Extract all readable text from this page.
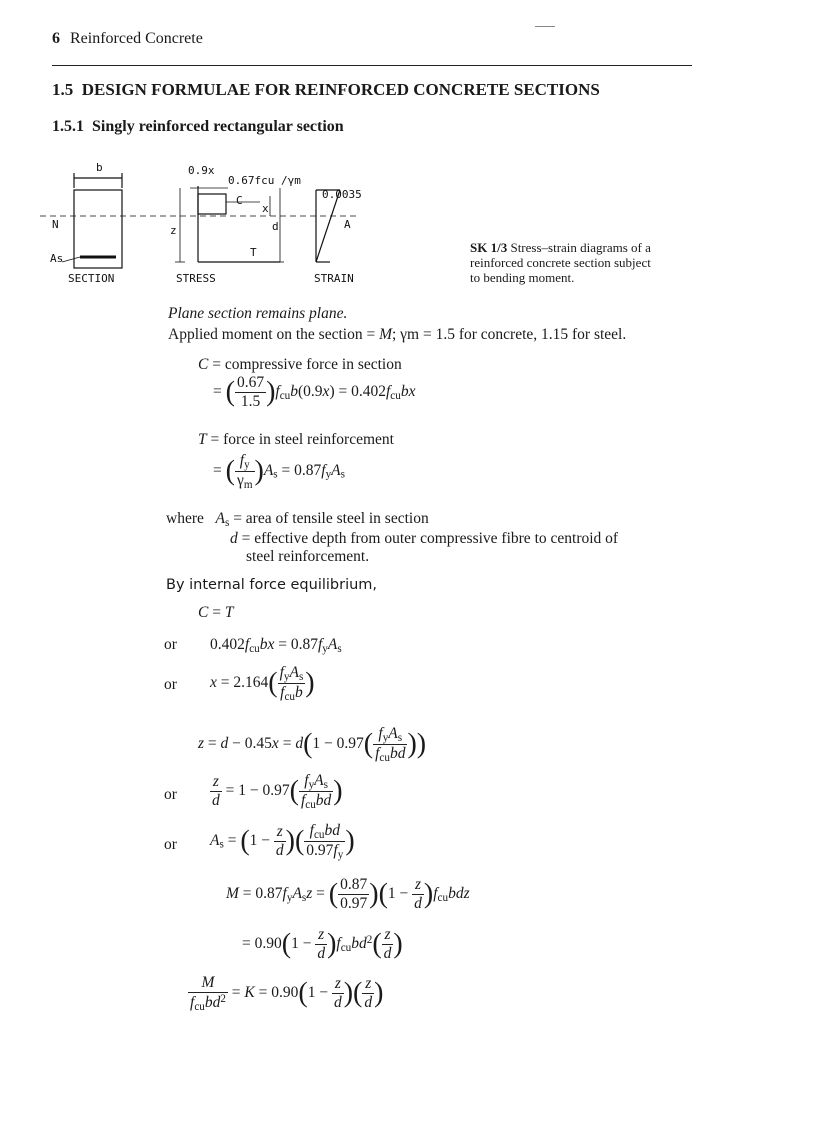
6 Reinforced Concrete
1.5 DESIGN FORMULAE FOR REINFORCED CONCRETE SECTIONS
1.5.1 Singly reinforced rectangular section
b
N
As
SECTION
0.9x
0.67fcu /γm
0.0035
C
x
d
z
T
A
STRESS	STRAIN
SK 1/3 Stress–strain diagrams of a
reinforced concrete section subject
to bending moment.
Plane section remains plane.
Applied moment on the section = M; γm = 1.5 for concrete, 1.15 for steel.
C = compressive force in section
= ( $\frac{0.67}{1.5} )f_{cu}b(0.9x) = 0.402f_{cu}bx$
T = force in steel reinforcement
= ( $\frac{f_y}{\gamma_m} )A_s = 0.87f_yA_s$
where $A_s$ = area of tensile steel in section
d = effective depth from outer compressive fibre to centroid of
steel reinforcement.
By internal force equilibrium,
C = T
or $0.402f_{cu}bx = 0.87f_yA_s$
or $x = 2.164( \frac{f_yA_s}{f_{cu}b}$ )
$z = d - 0.45x = d(1 - 0.97( \frac{f_yA_s}{f_{cu}bd}$ ))
or $\frac{z}{d} = 1 - 0.97( \frac{f_yA_s}{f_{cu}bd}$ )
or $A_s = (1 - \frac{z}{d}$ )( $\frac{f_{cu}bd}{0.97f_y}$ )
$M = 0.87f_yA_sz$ = ( $\frac{0.87}{0.97} )(1 - \frac{z}{d} )f_{cu}bdz$
= $0.90(1 - \frac{z}{d} )f_{cu}bd^2( \frac{z}{d}$ )
$\frac{M}{f_{cu}bd^2} = K = 0.90(1 - \frac{z}{d}$ )( $\frac{z}{d}$ )
